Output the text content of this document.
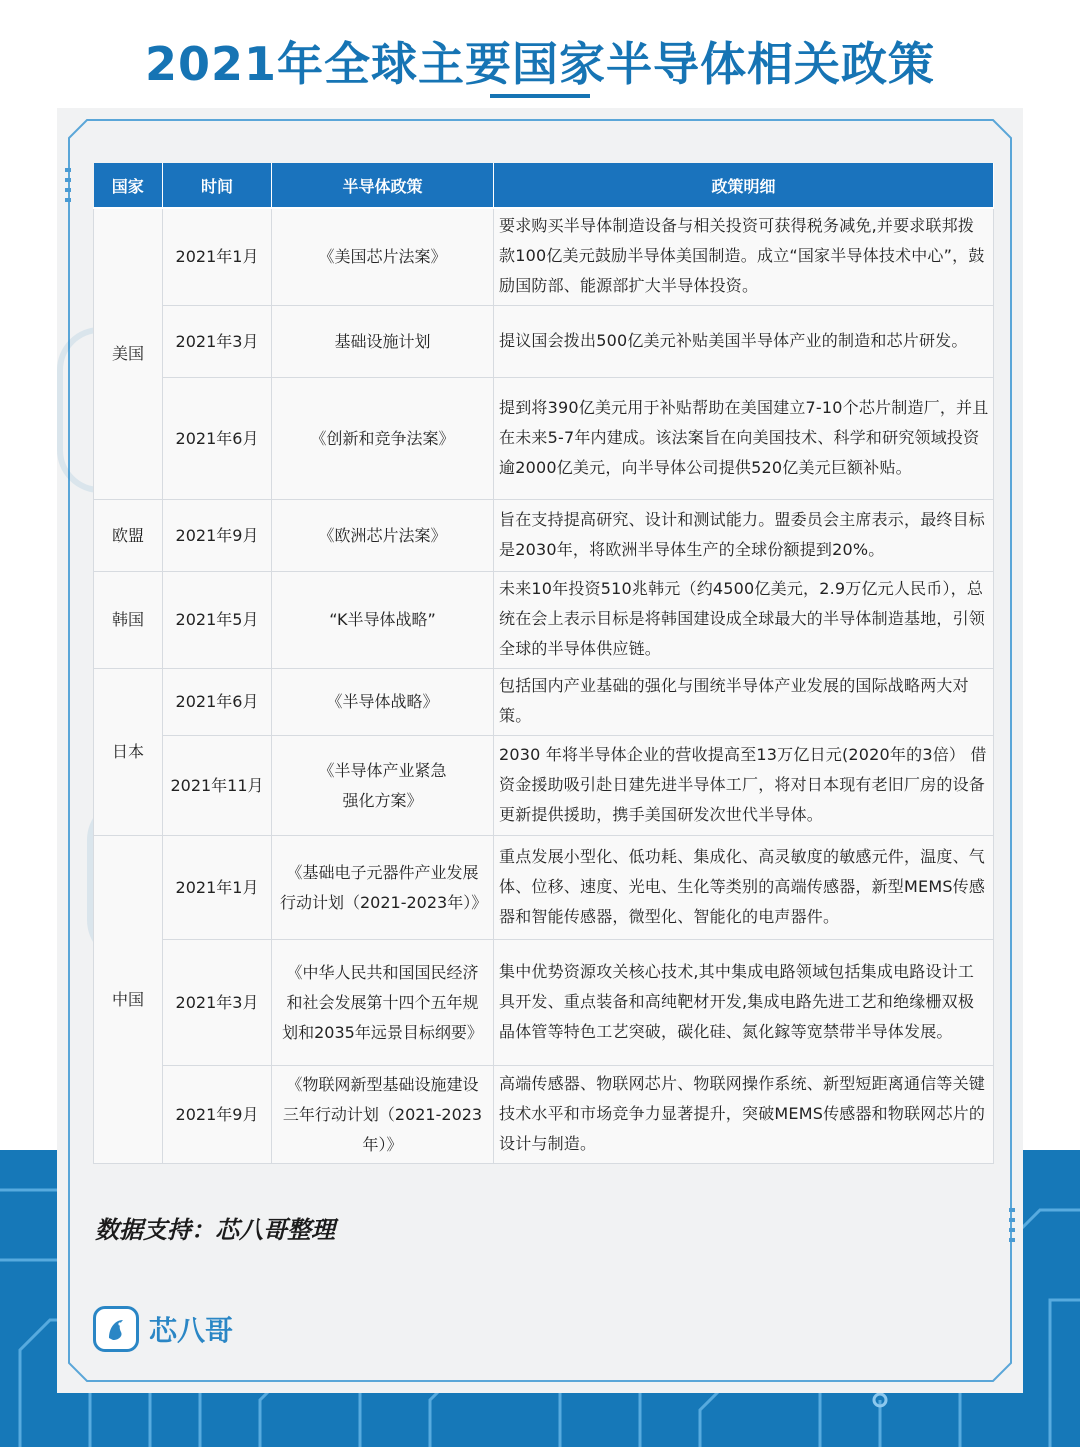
2021年全球主要国家半导体相关政策
国家	时间	半导体政策	政策明细
美国	2021年1月	《美国芯片法案》	要求购买半导体制造设备与相关投资可获得税务减免,并要求联邦拨款100亿美元鼓励半导体美国制造。成立“国家半导体技术中心”，鼓励国防部、能源部扩大半导体投资。
	2021年3月	基础设施计划	提议国会拨出500亿美元补贴美国半导体产业的制造和芯片研发。
	2021年6月	《创新和竞争法案》	提到将390亿美元用于补贴帮助在美国建立7-10个芯片制造厂，并且在未来5-7年内建成。该法案旨在向美国技术、科学和研究领域投资逾2000亿美元，向半导体公司提供520亿美元巨额补贴。
欧盟	2021年9月	《欧洲芯片法案》	旨在支持提高研究、设计和测试能力。盟委员会主席表示，最终目标是2030年，将欧洲半导体生产的全球份额提到20%。
韩国	2021年5月	“K半导体战略”	未来10年投资510兆韩元（约4500亿美元，2.9万亿元人民币），总统在会上表示目标是将韩国建设成全球最大的半导体制造基地，引领全球的半导体供应链。
日本	2021年6月	《半导体战略》	包括国内产业基础的强化与围统半导体产业发展的国际战略两大对策。
	2021年11月	《半导体产业紧急强化方案》	2030 年将半导体企业的营收提高至13万亿日元(2020年的3倍） 借资金援助吸引赴日建先进半导体工厂，将对日本现有老旧厂房的设备更新提供援助，携手美国研发次世代半导体。
中国	2021年1月	《基础电子元器件产业发展行动计划（2021-2023年）》	重点发展小型化、低功耗、集成化、高灵敏度的敏感元件，温度、气体、位移、速度、光电、生化等类别的高端传感器，新型MEMS传感器和智能传感器，微型化、智能化的电声器件。
	2021年3月	《中华人民共和国国民经济和社会发展第十四个五年规划和2035年远景目标纲要》	集中优势资源攻关核心技术,其中集成电路领域包括集成电路设计工具开发、重点装备和高纯靶材开发,集成电路先进工艺和绝缘栅双极晶体管等特色工艺突破，碳化硅、氮化鎵等宽禁带半导体发展。
	2021年9月	《物联网新型基础设施建设三年行动计划（2021-2023年）》	高端传感器、物联网芯片、物联网操作系统、新型短距离通信等关键技术水平和市场竞争力显著提升，突破MEMS传感器和物联网芯片的设计与制造。
数据支持：芯八哥整理
芯八哥
